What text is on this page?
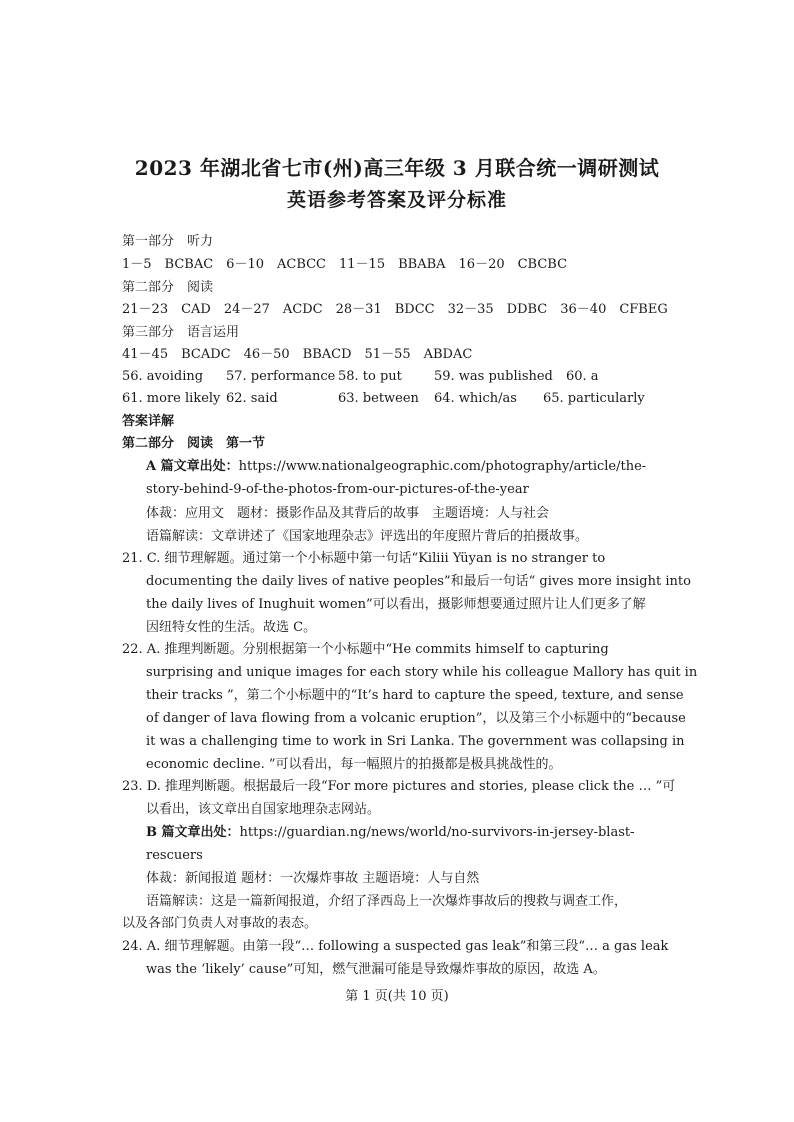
2023 年湖北省七市(州)高三年级 3 月联合统一调研测试
英语参考答案及评分标准
第一部分　听力
1－5　BCBAC　6－10　ACBCC　11－15　BBABA　16－20　CBCBC
第二部分　阅读
21－23　CAD　24－27　ACDC　28－31　BDCC　32－35　DDBC　36－40　CFBEG
第三部分　语言运用
41－45　BCADC　46－50　BBACD　51－55　ABDAC
56. avoiding 57. performance 58. to put 59. was published 60. a
61. more likely 62. said	63. between 64. which/as 65. particularly
答案详解
第二部分　阅读　第一节
A 篇文章出处：https://www.nationalgeographic.com/photography/article/the-
story-behind-9-of-the-photos-from-our-pictures-of-the-year
体裁：应用文　题材：摄影作品及其背后的故事　主题语境：人与社会
语篇解读：文章讲述了《国家地理杂志》评选出的年度照片背后的拍摄故事。
21. C. 细节理解题。通过第一个小标题中第一句话“Kiliii Yüyan is no stranger to
documenting the daily lives of native peoples”和最后一句话“ gives more insight into
the daily lives of Inughuit women”可以看出，摄影师想要通过照片让人们更多了解
因纽特女性的生活。故选 C。
22. A. 推理判断题。分别根据第一个小标题中“He commits himself to capturing
surprising and unique images for each story while his colleague Mallory has quit in
their tracks ”，第二个小标题中的“It’s hard to capture the speed, texture, and sense
of danger of lava flowing from a volcanic eruption”，以及第三个小标题中的“because
it was a challenging time to work in Sri Lanka. The government was collapsing in
economic decline. ”可以看出，每一幅照片的拍摄都是极具挑战性的。
23. D. 推理判断题。根据最后一段“For more pictures and stories, please click the … ”可
以看出，该文章出自国家地理杂志网站。
B 篇文章出处：https://guardian.ng/news/world/no-survivors-in-jersey-blast-
rescuers
体裁：新闻报道 题材：一次爆炸事故 主题语境：人与自然
语篇解读：这是一篇新闻报道，介绍了泽西岛上一次爆炸事故后的搜救与调查工作，
以及各部门负责人对事故的表态。
24. A. 细节理解题。由第一段“… following a suspected gas leak”和第三段“… a gas leak
was the ‘likely’ cause”可知，燃气泄漏可能是导致爆炸事故的原因，故选 A。
第 1 页(共 10 页)
